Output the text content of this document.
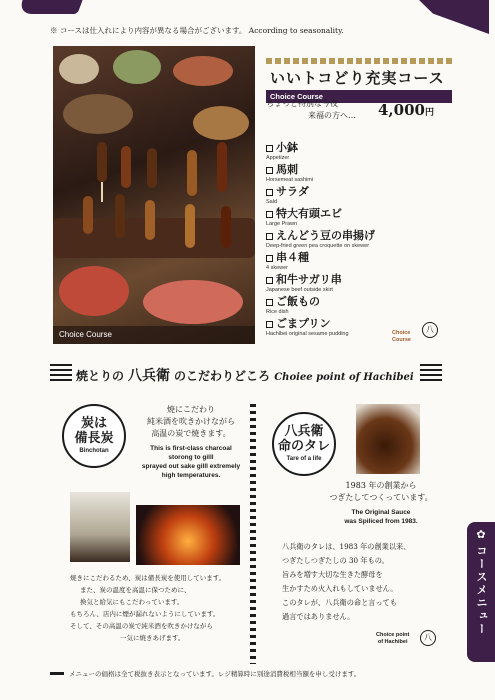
※ コースは仕入れにより内容が異なる場合がございます。 According to seasonality.
Choice Course
いいトコどり充実コース
Choice Course
ちょっと特別な今夜
来福の方へ… 4,000円
小鉢
Appetizer
馬刺
Horsemeat sashimi
サラダ
Sald
特大有頭エビ
Large Prawn
えんどう豆の串揚げ
Deep-fried green pea croquette on skewer
串４種
4 skewer
和牛サガリ串
Japanese beef outside skirt
ご飯もの
Rice dish
ごまプリン
Hachibei original sesame pudding	Choice
Course
八
焼とりの 八兵衛 のこだわりどころ Choiee point of Hachibei
炭は
備長炭
Binchotan
焼にこだわり
純米酒を吹きかけながら
高温の炭で焼きます。
This is first-class charcoal
storong to gilll
sprayed out sake gilll extremely
high temperatures.
焼きにこだわるため、炭は備長炭を使用しています。
また、炭の温度を高温に保つために、
換気と給気にもこだわっています。
もちろん、店内に煙が漏れないようにしています。
そして、その高温の炭で純米酒を吹きかけながら
一気に焼きあげます。
八兵衛
命のタレ
Tare of a life
1983 年の創業から
つぎたしてつくっています。
The Original Sauce
was Spiliced from 1983.
八兵衛のタレは、1983 年の創業以来、
つぎたしつぎたしの 30 年もの。
旨みを増す大切な生きた酵母を
生かすため火入れもしていません。
このタレが、八兵衛の命と言っても
過言ではありません。
Choice point
of Hachibei	八
メニューの価格は全て税抜き表示となっています。レジ精算時に別途消費税相当額を申し受けます。
✿
コースメニュー
